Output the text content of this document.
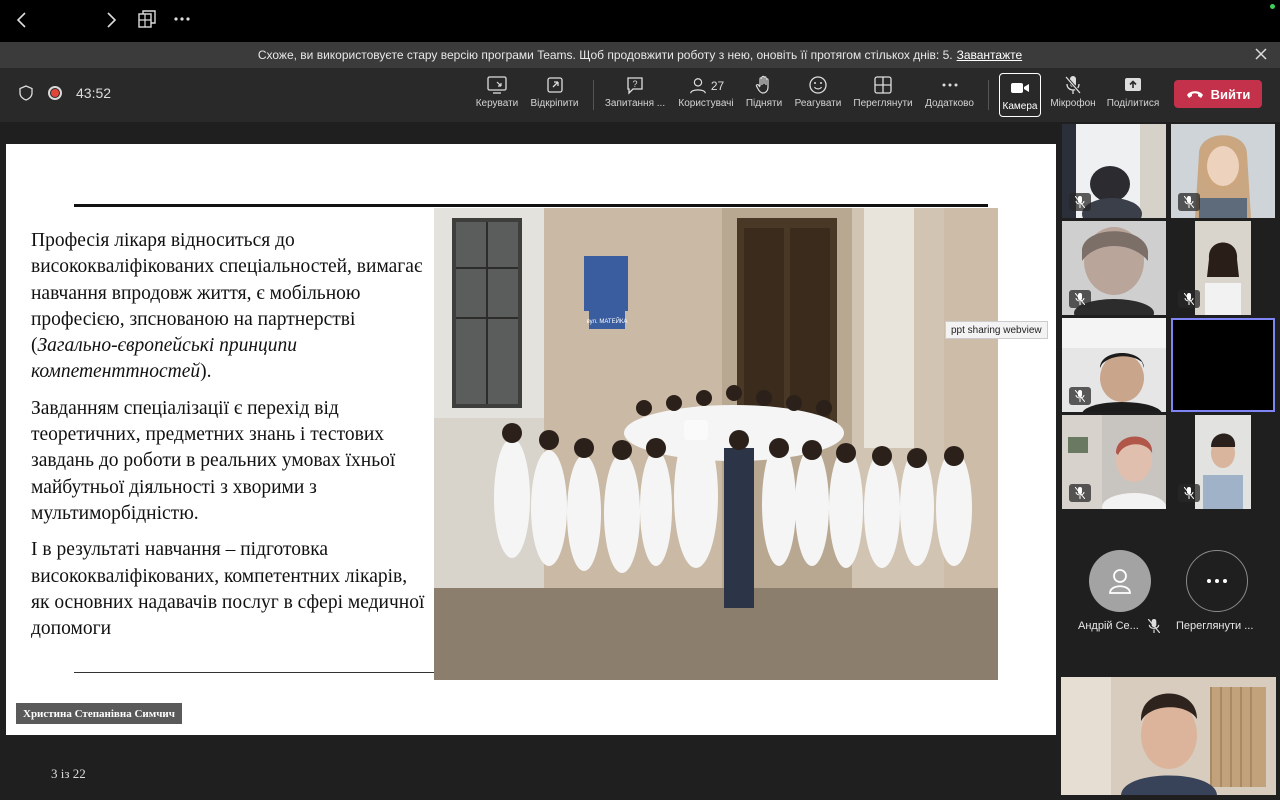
Схоже, ви використовуєте стару версію програми Teams. Щоб продовжити роботу з нею, оновіть її протягом стількох днів: 5. Завантажте
43:52
Керувати Відкріпити
?
Запитання ...
27
Користувачі Підняти Реагувати Переглянути Додатково	Камера Мікрофон Поділитися
Вийти

Професія лікаря відноситься до висококваліфікованих спеціальностей, вимагає навчання впродовж життя, є мобільною професією, зпснованою на партнерстві (Загально-європейські принципи компетенттностей).

Завданням спеціалізації є перехід від теоретичних, предметних знань і тестових завдань до роботи в реальних умовах їхньої майбутньої діяльності з хворими з мультиморбідністю.

І в результаті навчання – підготовка висококваліфікованих, компетентних лікарів, як основних надавачів послуг в сфері медичної допомоги

вул. МАТЕЙКА
Христина Степанівна Симчич
ppt sharing webview
3 із 22
Андрій Се...	Переглянути ...
